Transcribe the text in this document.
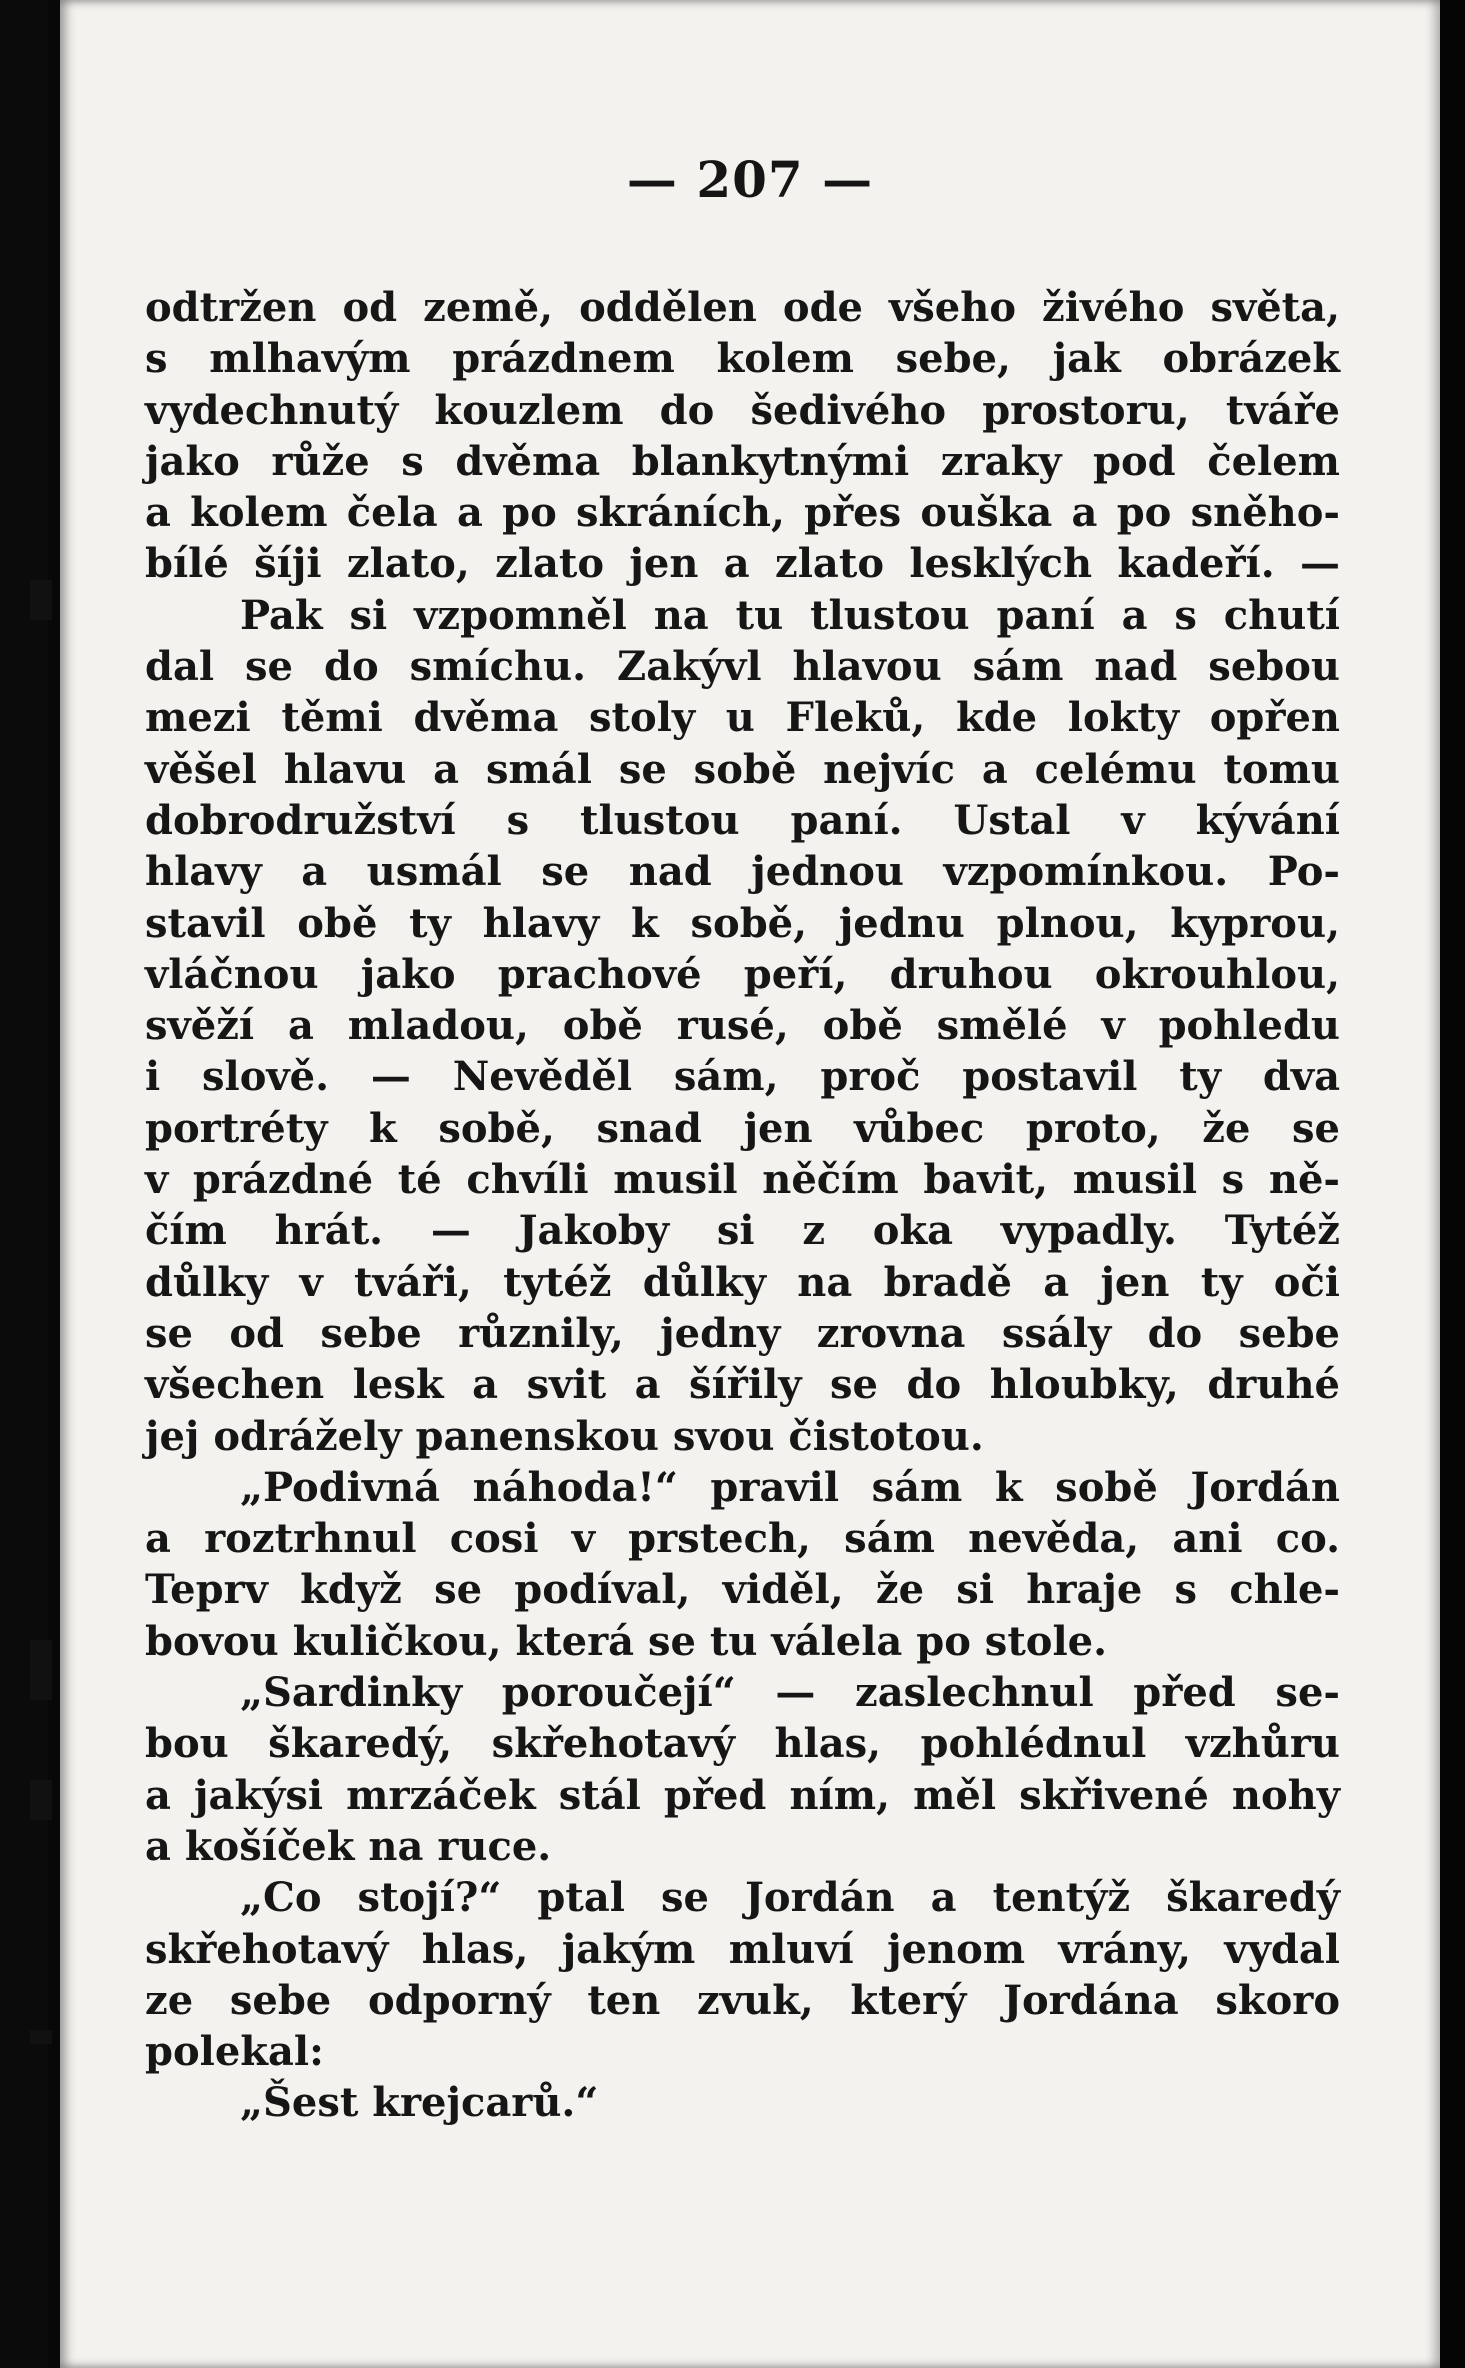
— 207 —
odtržen od země, oddělen ode všeho živého světa,
s mlhavým prázdnem kolem sebe, jak obrázek
vydechnutý kouzlem do šedivého prostoru, tváře
jako růže s dvěma blankytnými zraky pod čelem
a kolem čela a po skráních, přes ouška a po sněho-
bílé šíji zlato, zlato jen a zlato lesklých kadeří. —
Pak si vzpomněl na tu tlustou paní a s chutí
dal se do smíchu. Zakývl hlavou sám nad sebou
mezi těmi dvěma stoly u Fleků, kde lokty opřen
věšel hlavu a smál se sobě nejvíc a celému tomu
dobrodružství s tlustou paní. Ustal v kývání
hlavy a usmál se nad jednou vzpomínkou. Po-
stavil obě ty hlavy k sobě, jednu plnou, kyprou,
vláčnou jako prachové peří, druhou okrouhlou,
svěží a mladou, obě rusé, obě smělé v pohledu
i slově. — Nevěděl sám, proč postavil ty dva
portréty k sobě, snad jen vůbec proto, že se
v prázdné té chvíli musil něčím bavit, musil s ně-
čím hrát. — Jakoby si z oka vypadly. Tytéž
důlky v tváři, tytéž důlky na bradě a jen ty oči
se od sebe různily, jedny zrovna ssály do sebe
všechen lesk a svit a šířily se do hloubky, druhé
jej odrážely panenskou svou čistotou.
„Podivná náhoda!“ pravil sám k sobě Jordán
a roztrhnul cosi v prstech, sám nevěda, ani co.
Teprv když se podíval, viděl, že si hraje s chle-
bovou kuličkou, která se tu válela po stole.
„Sardinky poroučejí“ — zaslechnul před se-
bou škaredý, skřehotavý hlas, pohlédnul vzhůru
a jakýsi mrzáček stál před ním, měl skřivené nohy
a košíček na ruce.
„Co stojí?“ ptal se Jordán a tentýž škaredý
skřehotavý hlas, jakým mluví jenom vrány, vydal
ze sebe odporný ten zvuk, který Jordána skoro
polekal:
„Šest krejcarů.“
